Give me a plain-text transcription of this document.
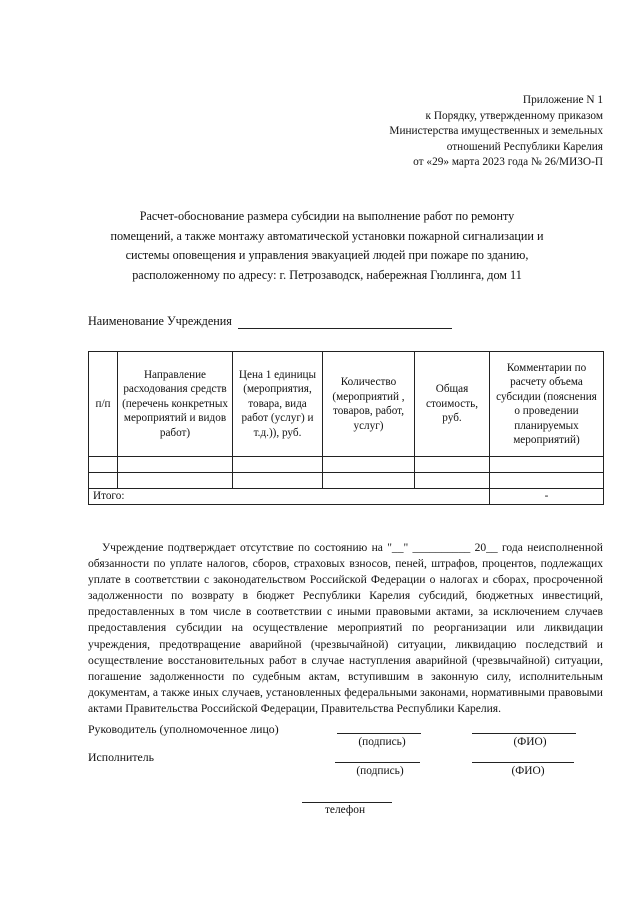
Приложение N 1
к Порядку, утвержденному приказом
Министерства имущественных и земельных
отношений Республики Карелия
от «29» марта 2023 года № 26/МИЗО-П
Расчет-обоснование размера субсидии на выполнение работ по ремонту помещений, а также монтажу автоматической установки пожарной сигнализации и системы оповещения и управления эвакуацией людей при пожаре по зданию, расположенному по адресу: г. Петрозаводск, набережная Гюллинга, дом 11
Наименование Учреждения
п/п	Направление расходования средств (перечень конкретных мероприятий и видов работ)	Цена 1 единицы (мероприятия, товара, вида работ (услуг) и т.д.)), руб.	Количество (мероприятий , товаров, работ, услуг)	Общая стоимость, руб.	Комментарии по расчету объема субсидии (пояснения о проведении планируемых мероприятий)

Итого:					-
Учреждение подтверждает отсутствие по состоянию на "__" __________ 20__ года неисполненной обязанности по уплате налогов, сборов, страховых взносов, пеней, штрафов, процентов, подлежащих уплате в соответствии с законодательством Российской Федерации о налогах и сборах, просроченной задолженности по возврату в бюджет Республики Карелия субсидий, бюджетных инвестиций, предоставленных в том числе в соответствии с иными правовыми актами, за исключением случаев предоставления субсидии на осуществление мероприятий по реорганизации или ликвидации учреждения, предотвращение аварийной (чрезвычайной) ситуации, ликвидацию последствий и осуществление восстановительных работ в случае наступления аварийной (чрезвычайной) ситуации, погашение задолженности по судебным актам, вступившим в законную силу, исполнительным документам, а также иных случаев, установленных федеральными законами, нормативными правовыми актами Правительства Российской Федерации, Правительства Республики Карелия.
Руководитель (уполномоченное лицо)
(подпись)	(ФИО)
Исполнитель
(подпись)	(ФИО)
телефон
